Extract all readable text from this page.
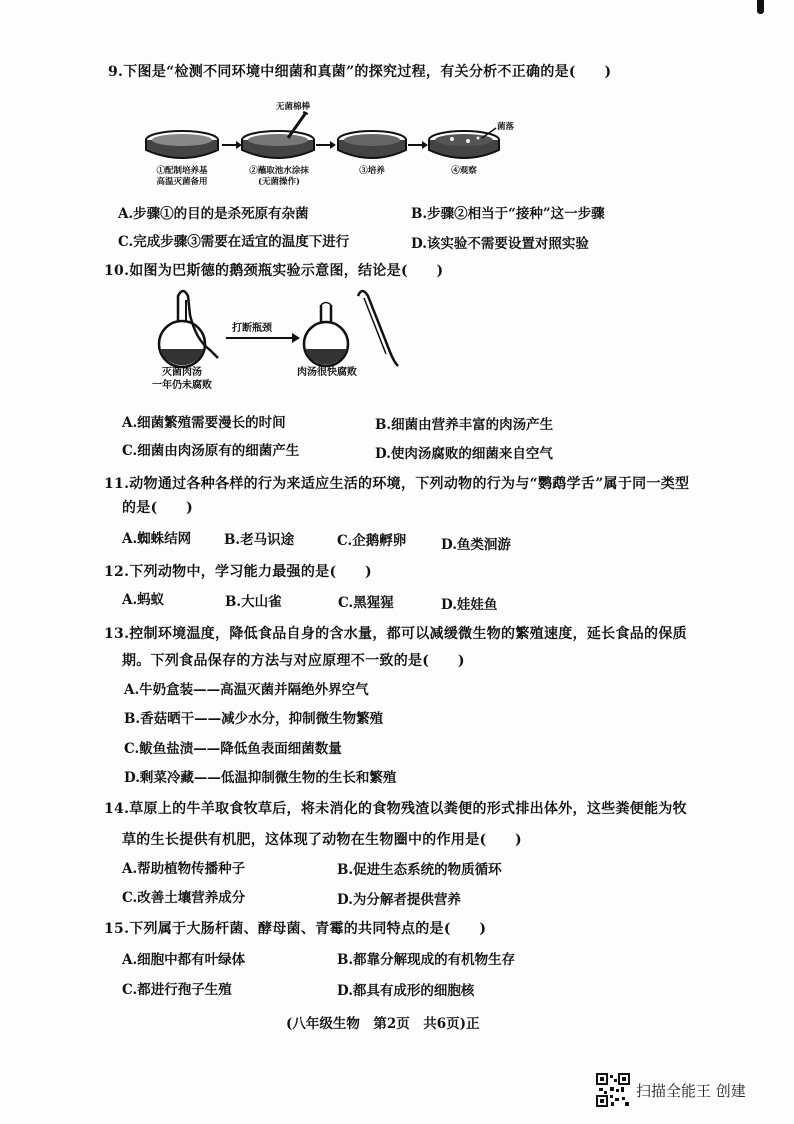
9.下图是“检测不同环境中细菌和真菌”的探究过程，有关分析不正确的是(　　)
无菌棉棒
菌落
①配制培养基
高温灭菌备用
②蘸取池水涂抹
(无菌操作)
③培养	④观察
A.步骤①的目的是杀死原有杂菌	B.步骤②相当于“接种”这一步骤
C.完成步骤③需要在适宜的温度下进行	D.该实验不需要设置对照实验
10.如图为巴斯德的鹅颈瓶实验示意图，结论是(　　)
打断瓶颈
灭菌肉汤
一年仍未腐败
肉汤很快腐败
A.细菌繁殖需要漫长的时间	B.细菌由营养丰富的肉汤产生
C.细菌由肉汤原有的细菌产生	D.使肉汤腐败的细菌来自空气
11.动物通过各种各样的行为来适应生活的环境，下列动物的行为与“鹦鹉学舌”属于同一类型
的是(　　)
A.蜘蛛结网 B.老马识途	C.企鹅孵卵	D.鱼类洄游
12.下列动物中，学习能力最强的是(　　)
A.蚂蚁	B.大山雀	C.黑猩猩	D.娃娃鱼
13.控制环境温度，降低食品自身的含水量，都可以减缓微生物的繁殖速度，延长食品的保质
期。下列食品保存的方法与对应原理不一致的是(　　)
A.牛奶盒装——高温灭菌并隔绝外界空气
B.香菇晒干——减少水分，抑制微生物繁殖
C.鲅鱼盐渍——降低鱼表面细菌数量
D.剩菜冷藏——低温抑制微生物的生长和繁殖
14.草原上的牛羊取食牧草后，将未消化的食物残渣以粪便的形式排出体外，这些粪便能为牧
草的生长提供有机肥，这体现了动物在生物圈中的作用是(　　)
A.帮助植物传播种子	B.促进生态系统的物质循环
C.改善土壤营养成分	D.为分解者提供营养
15.下列属于大肠杆菌、酵母菌、青霉的共同特点的是(　　)
A.细胞中都有叶绿体	B.都靠分解现成的有机物生存
C.都进行孢子生殖	D.都具有成形的细胞核
(八年级生物　第2页　共6页)正
扫描全能王 创建
